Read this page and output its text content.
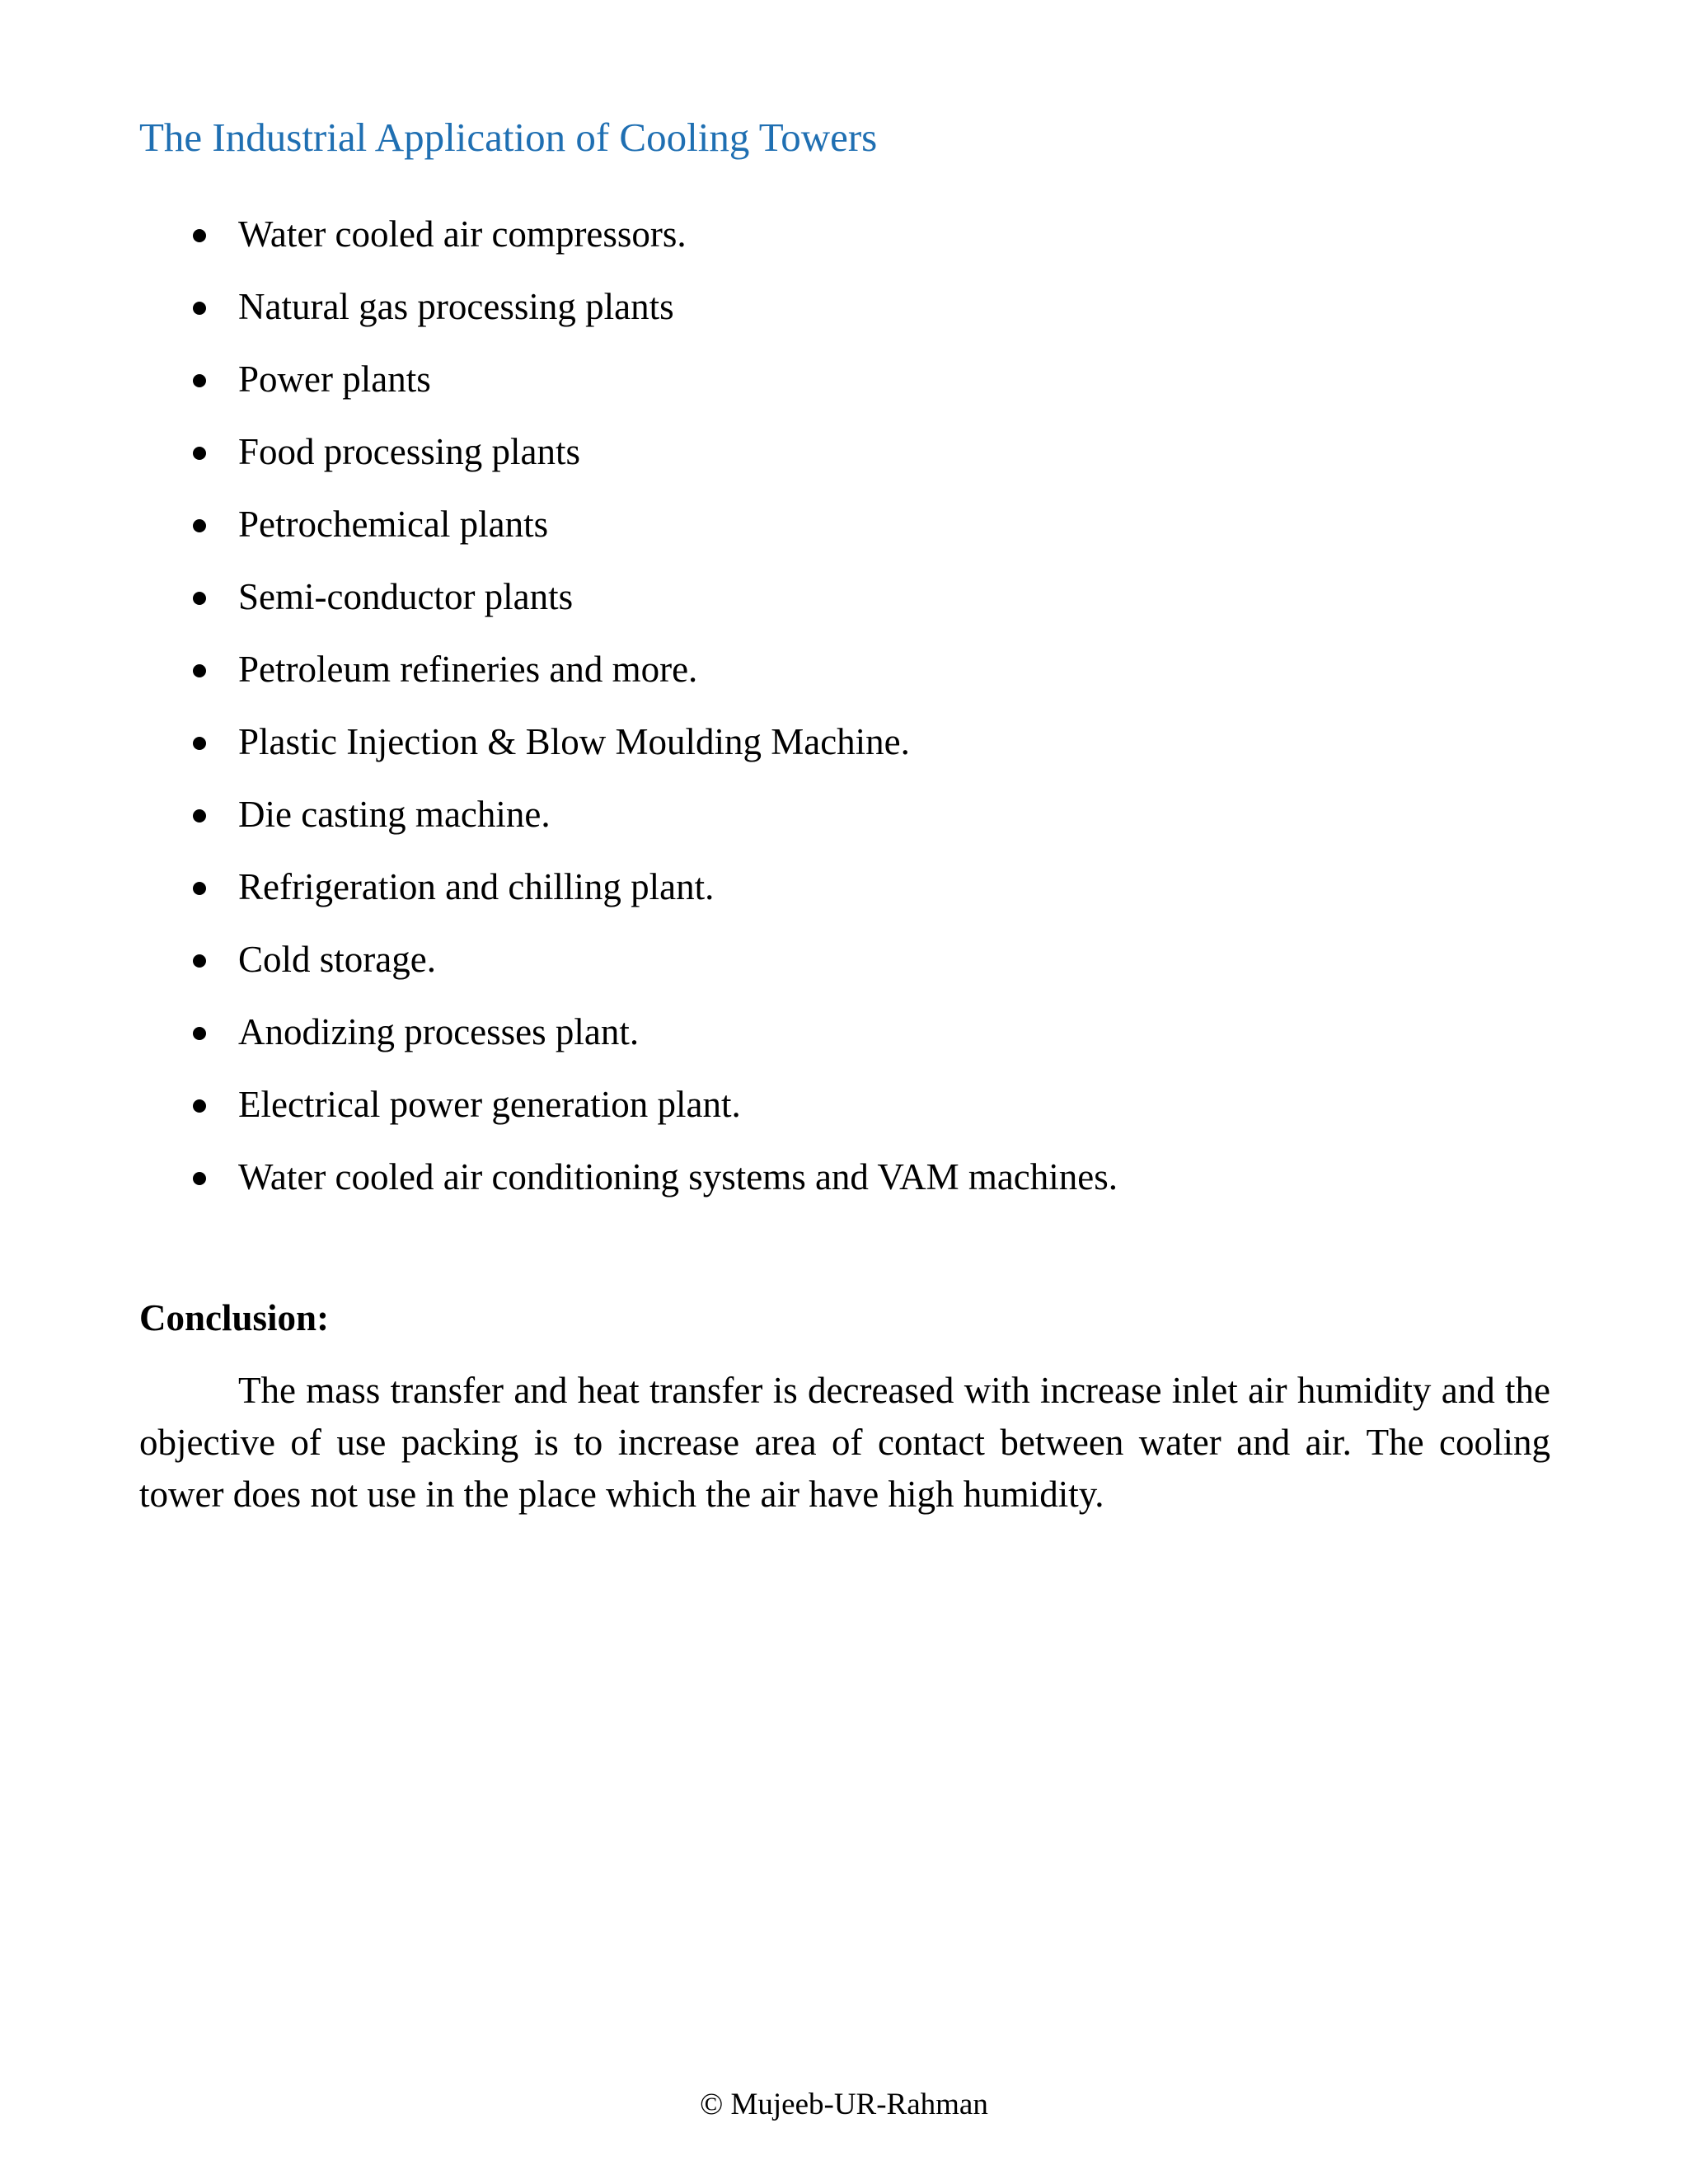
The Industrial Application of Cooling Towers
Water cooled air compressors.
Natural gas processing plants
Power plants
Food processing plants
Petrochemical plants
Semi-conductor plants
Petroleum refineries and more.
Plastic Injection & Blow Moulding Machine.
Die casting machine.
Refrigeration and chilling plant.
Cold storage.
Anodizing processes plant.
Electrical power generation plant.
Water cooled air conditioning systems and VAM machines.
Conclusion:

The mass transfer and heat transfer is decreased with increase inlet air humidity and the objective of use packing is to increase area of contact between water and air. The cooling tower does not use in the place which the air have high humidity.

© Mujeeb-UR-Rahman
